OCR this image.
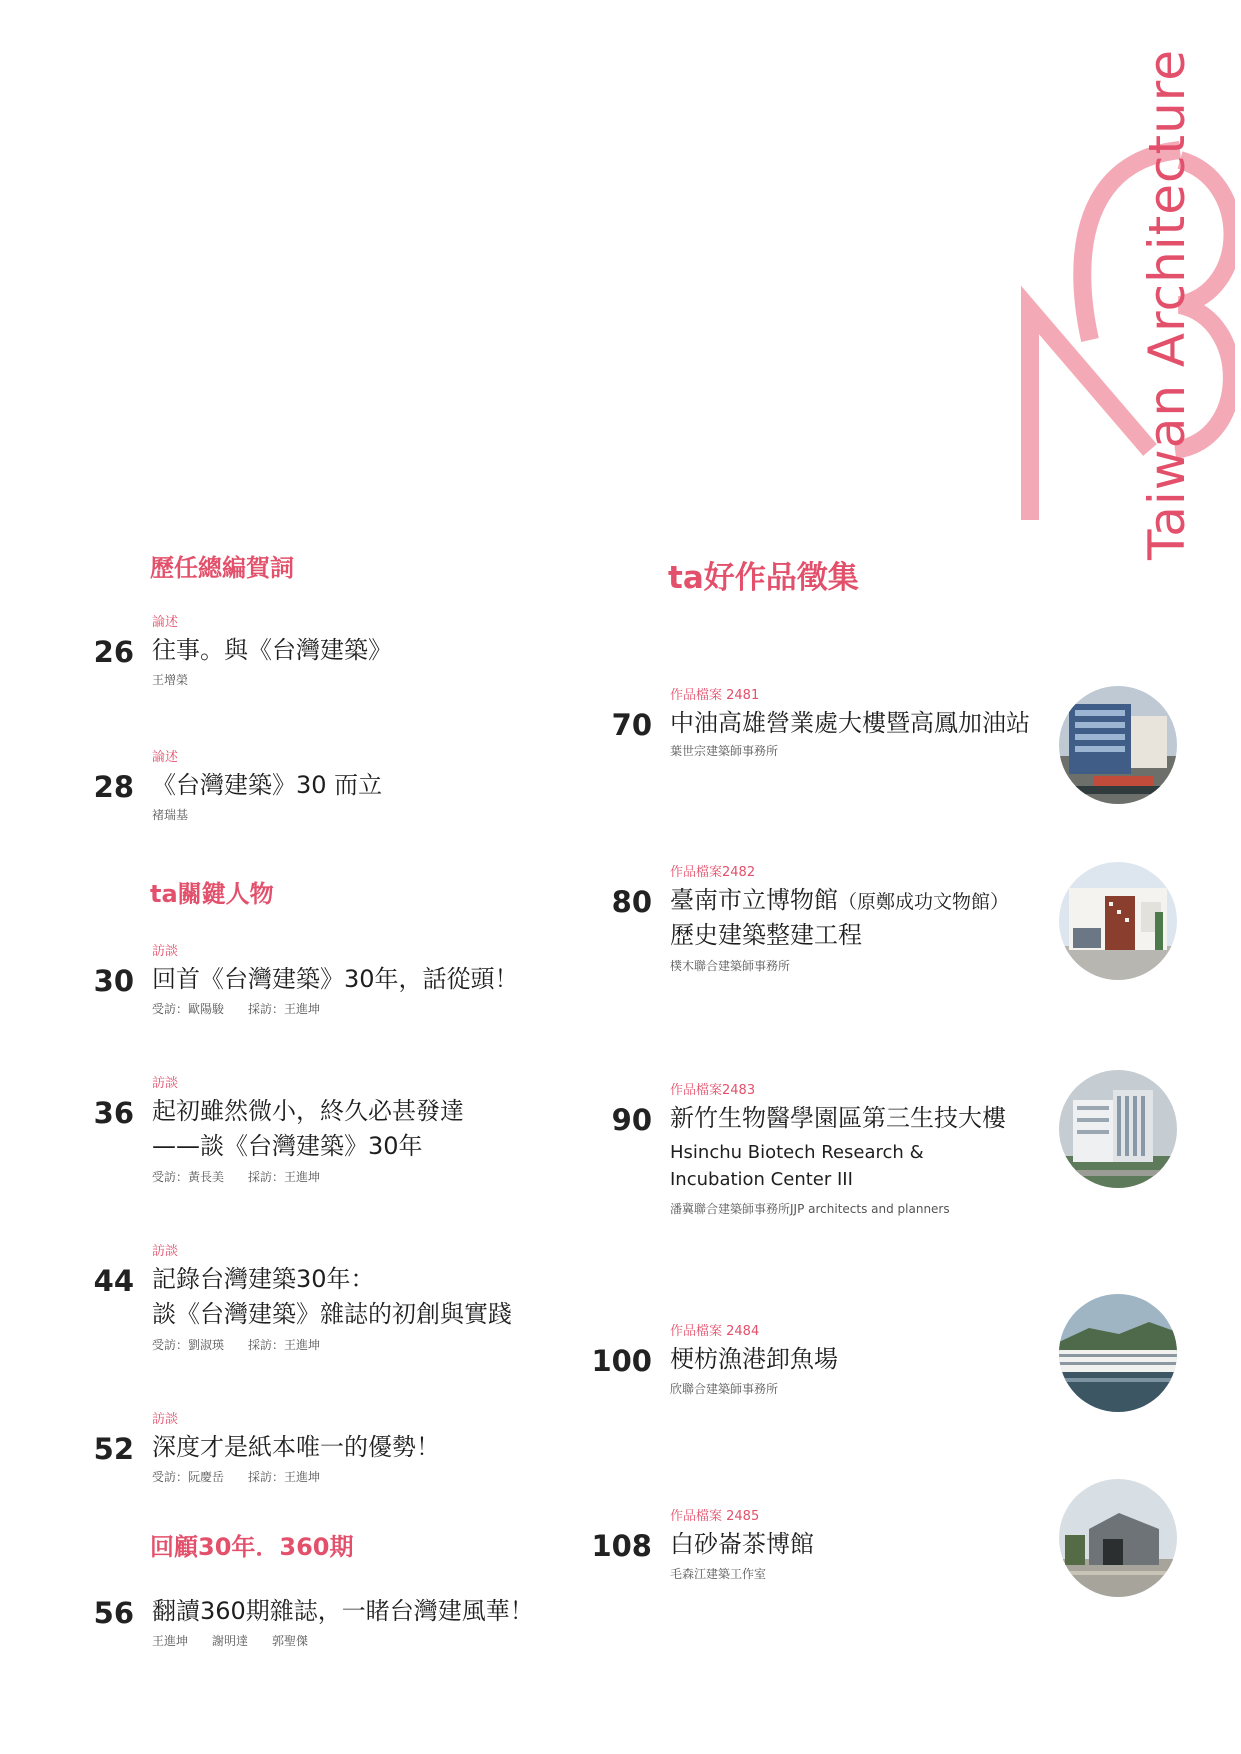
Taiwan Architecture
歷任總編賀詞
ta關鍵人物
回顧30年．360期
ta好作品徵集
論述
26 往事。與《台灣建築》
王增榮
論述
28 《台灣建築》30 而立
褚瑞基
訪談
30 回首《台灣建築》30年，話從頭！
受訪：歐陽駿 採訪：王進坤
訪談
36 起初雖然微小，終久必甚發達
——談《台灣建築》30年
受訪：黃長美 採訪：王進坤
訪談
44 記錄台灣建築30年：
談《台灣建築》雜誌的初創與實踐
受訪：劉淑瑛 採訪：王進坤
訪談
52 深度才是紙本唯一的優勢！
受訪：阮慶岳 採訪：王進坤
56 翻讀360期雜誌，一睹台灣建風華！
王進坤 謝明達 郭聖傑
作品檔案 2481
70 中油高雄營業處大樓暨高鳳加油站
葉世宗建築師事務所
作品檔案2482
80 臺南市立博物館（原鄭成功文物館）
歷史建築整建工程
樸木聯合建築師事務所
作品檔案2483
90 新竹生物醫學園區第三生技大樓
Hsinchu Biotech Research &
Incubation Center III
潘冀聯合建築師事務所JJP architects and planners
作品檔案 2484
100 梗枋漁港卸魚場
欣聯合建築師事務所
作品檔案 2485
108 白砂崙茶博館
毛森江建築工作室
